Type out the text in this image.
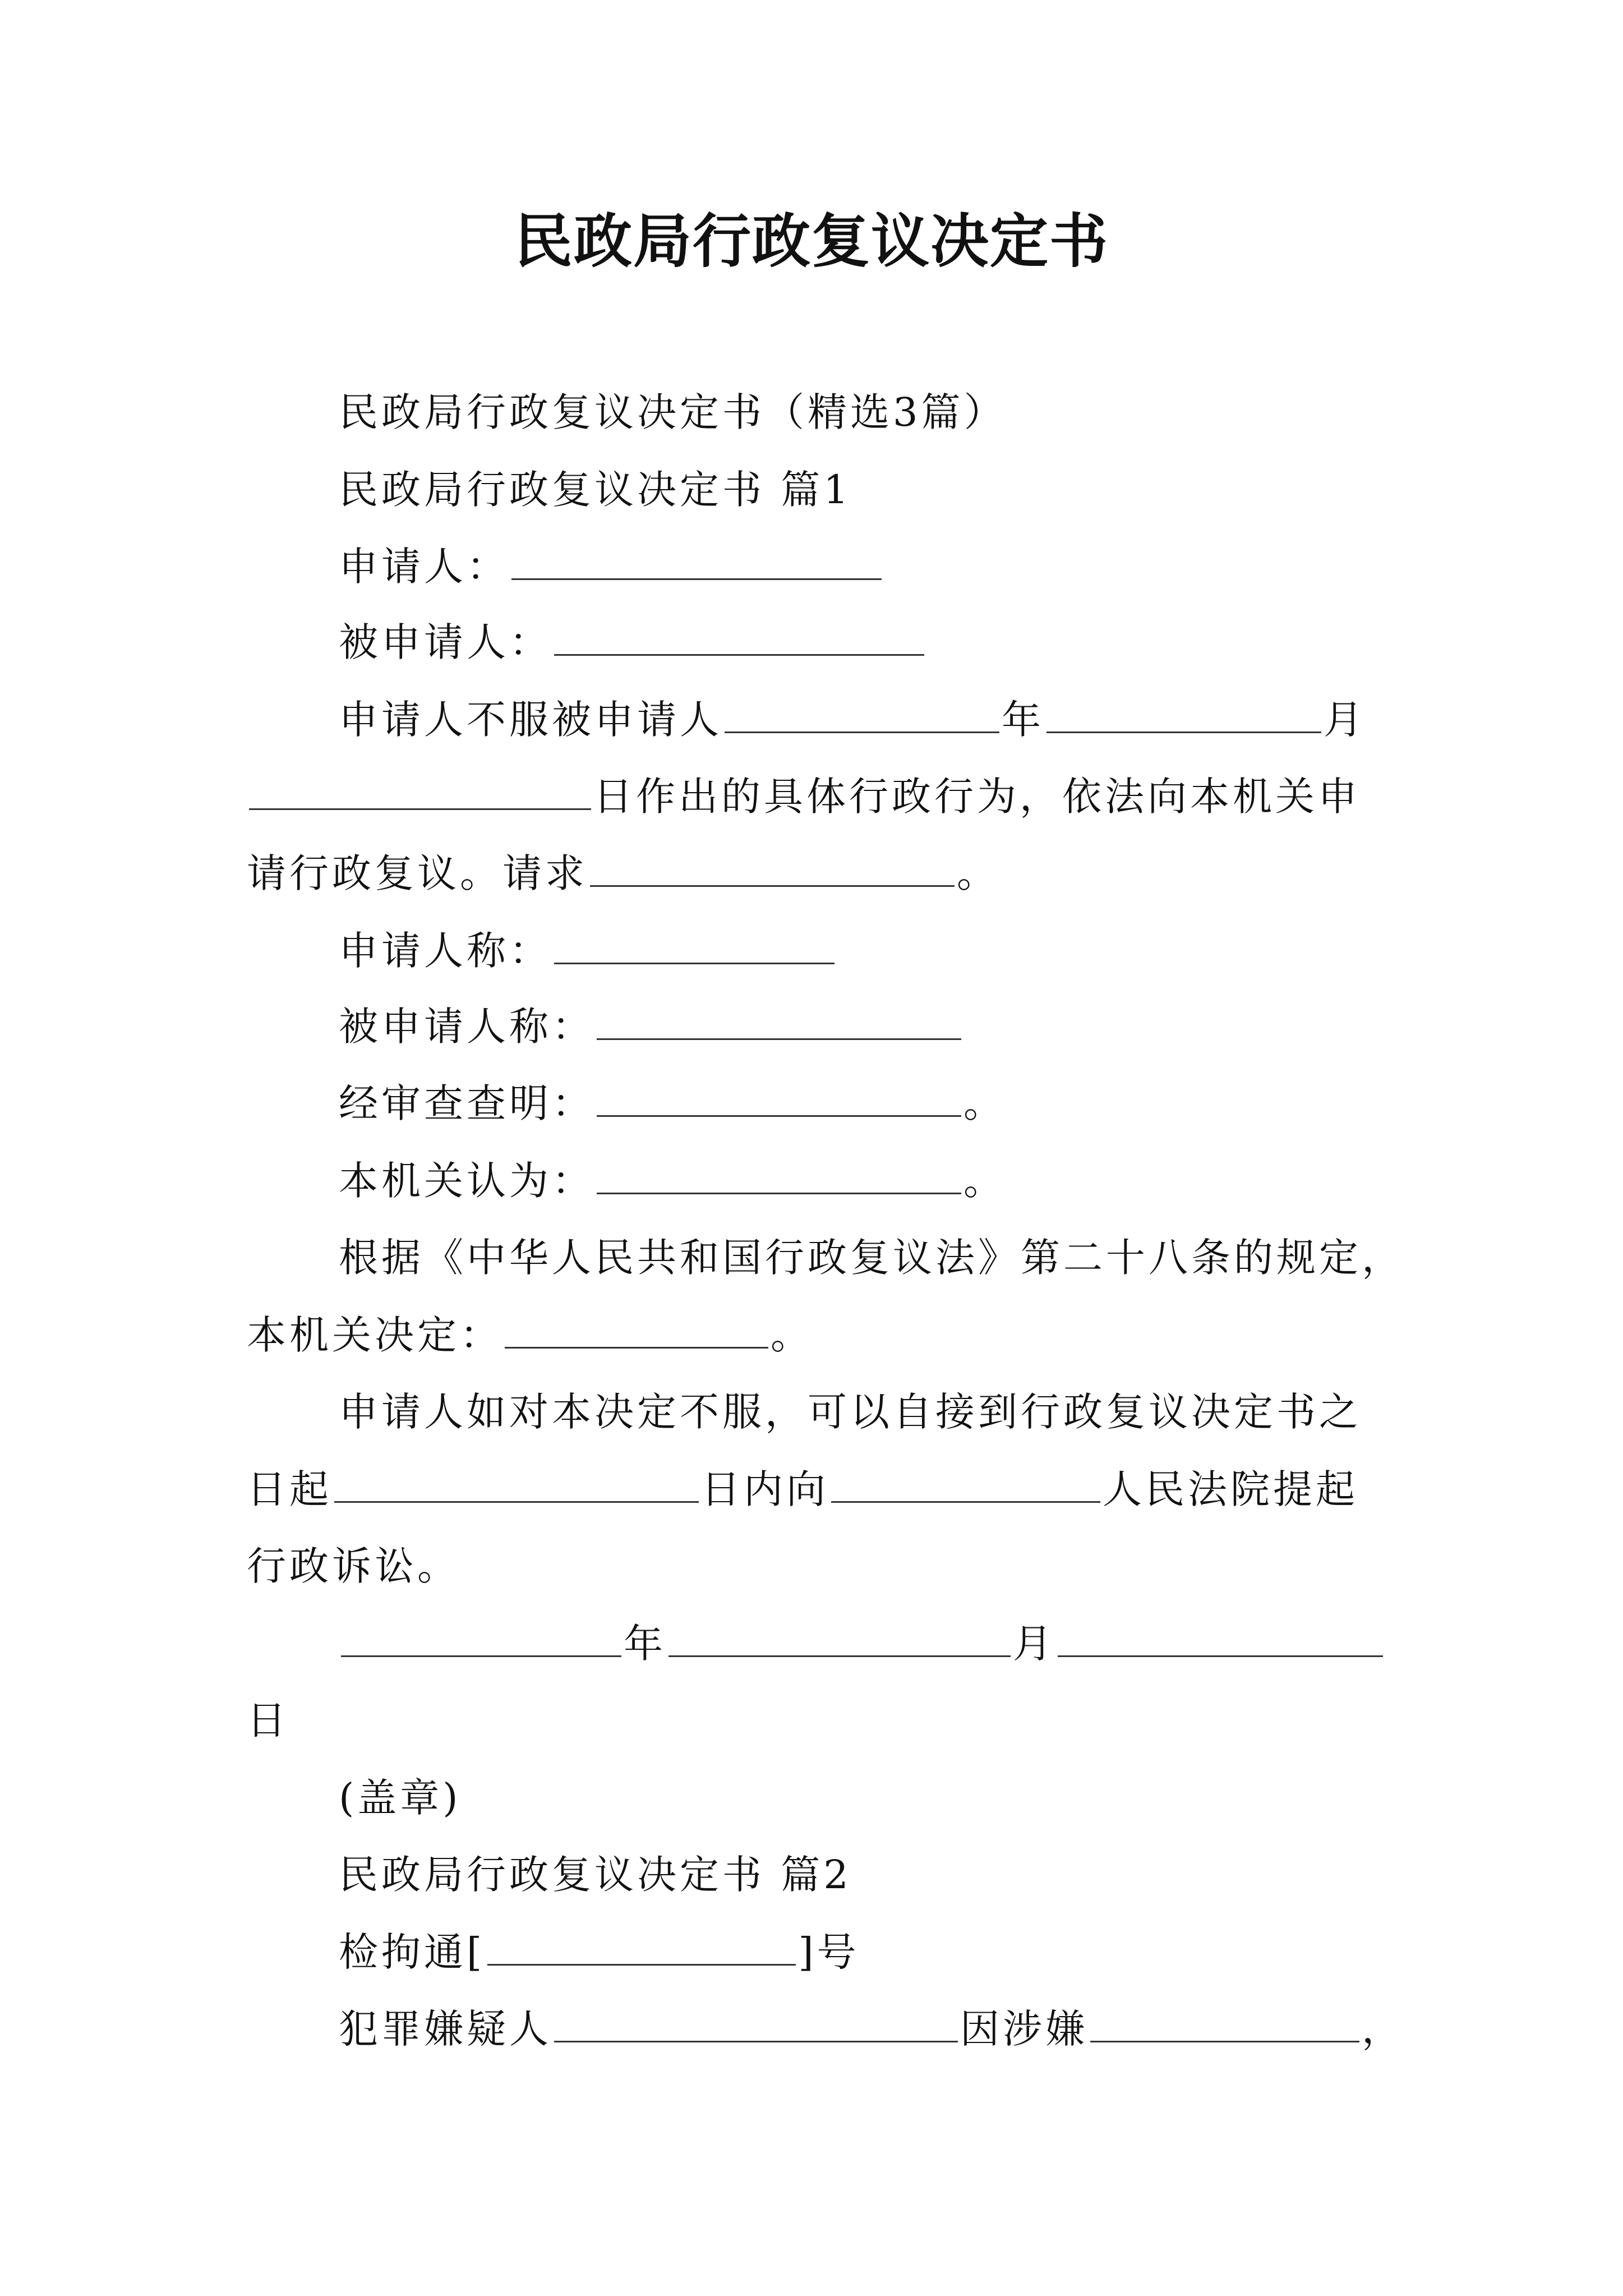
民政局行政复议决定书
民政局行政复议决定书（精选3篇）
民政局行政复议决定书 篇1
申请人：
被申请人：
申请人不服被申请人	年	月
日作出的具体行政行为，依法向本机关申
请行政复议。请求	。
申请人称：
被申请人称：
经审查查明：	。
本机关认为：	。
根据《中华人民共和国行政复议法》第二十八条的规定，
本机关决定：	。
申请人如对本决定不服，可以自接到行政复议决定书之
日起	日内向	人民法院提起
行政诉讼。
年	月
日
(盖章)
民政局行政复议决定书 篇2
检拘通[	]号
犯罪嫌疑人	因涉嫌	，
